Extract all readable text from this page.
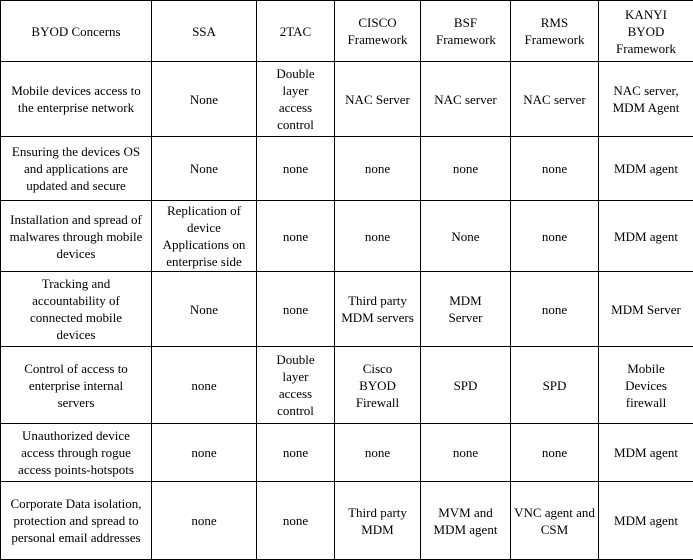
BYOD Concerns	SSA	2TAC	CISCO Framework	BSF Framework	RMS Framework	KANYI BYOD Framework

Mobile devices access to the enterprise network	None	Double layer access control	NAC Server	NAC server	NAC server	NAC server, MDM Agent

Ensuring the devices OS and applications are updated and secure	None	none	none	none	none	MDM agent

Installation and spread of malwares through mobile devices	Replication of device Applications on enterprise side	none	none	None	none	MDM agent

Tracking and accountability of connected mobile devices	None	none	Third party MDM servers	MDM Server	none	MDM Server

Control of access to enterprise internal servers	none	Double layer access control	Cisco BYOD Firewall	SPD	SPD	Mobile Devices firewall

Unauthorized device access through rogue access points-hotspots	none	none	none	none	none	MDM agent

Corporate Data isolation, protection and spread to personal email addresses	none	none	Third party MDM	MVM and MDM agent	VNC agent and CSM	MDM agent
